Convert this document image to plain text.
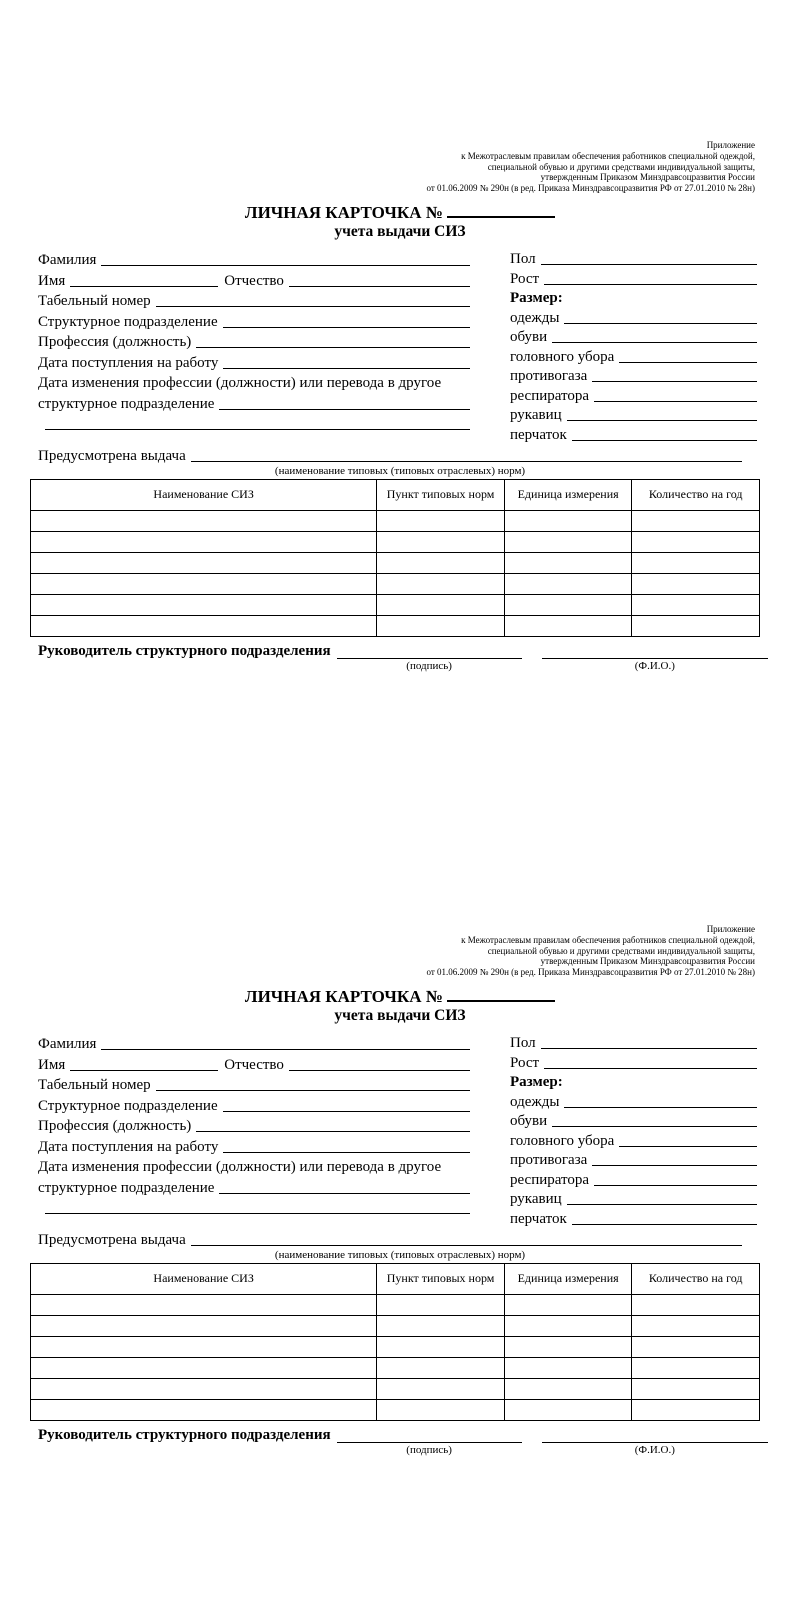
Приложение
к Межотраслевым правилам обеспечения работников специальной одеждой,
специальной обувью и другими средствами индивидуальной защиты,
утвержденным Приказом Минздравсоцразвития России
от 01.06.2009 № 290н (в ред. Приказа Минздравсоцразвития РФ от 27.01.2010 № 28н)
ЛИЧНАЯ КАРТОЧКА №
учета выдачи СИЗ
Фамилия
Имя	Отчество
Табельный номер
Структурное подразделение
Профессия (должность)
Дата поступления на работу
Дата изменения профессии (должности) или перевода в другое
структурное подразделение
Пол
Рост
Размер:
одежды
обуви
головного убора
противогаза
респиратора
рукавиц
перчаток
Предусмотрена выдача
(наименование типовых (типовых отраслевых) норм)
Наименование СИЗ	Пункт типовых норм	Единица измерения	Количество на год

Руководитель структурного подразделения
(подпись)	(Ф.И.О.)
Приложение
к Межотраслевым правилам обеспечения работников специальной одеждой,
специальной обувью и другими средствами индивидуальной защиты,
утвержденным Приказом Минздравсоцразвития России
от 01.06.2009 № 290н (в ред. Приказа Минздравсоцразвития РФ от 27.01.2010 № 28н)
ЛИЧНАЯ КАРТОЧКА №
учета выдачи СИЗ
Фамилия
Имя	Отчество
Табельный номер
Структурное подразделение
Профессия (должность)
Дата поступления на работу
Дата изменения профессии (должности) или перевода в другое
структурное подразделение
Пол
Рост
Размер:
одежды
обуви
головного убора
противогаза
респиратора
рукавиц
перчаток
Предусмотрена выдача
(наименование типовых (типовых отраслевых) норм)
Наименование СИЗ	Пункт типовых норм	Единица измерения	Количество на год

Руководитель структурного подразделения
(подпись)	(Ф.И.О.)
